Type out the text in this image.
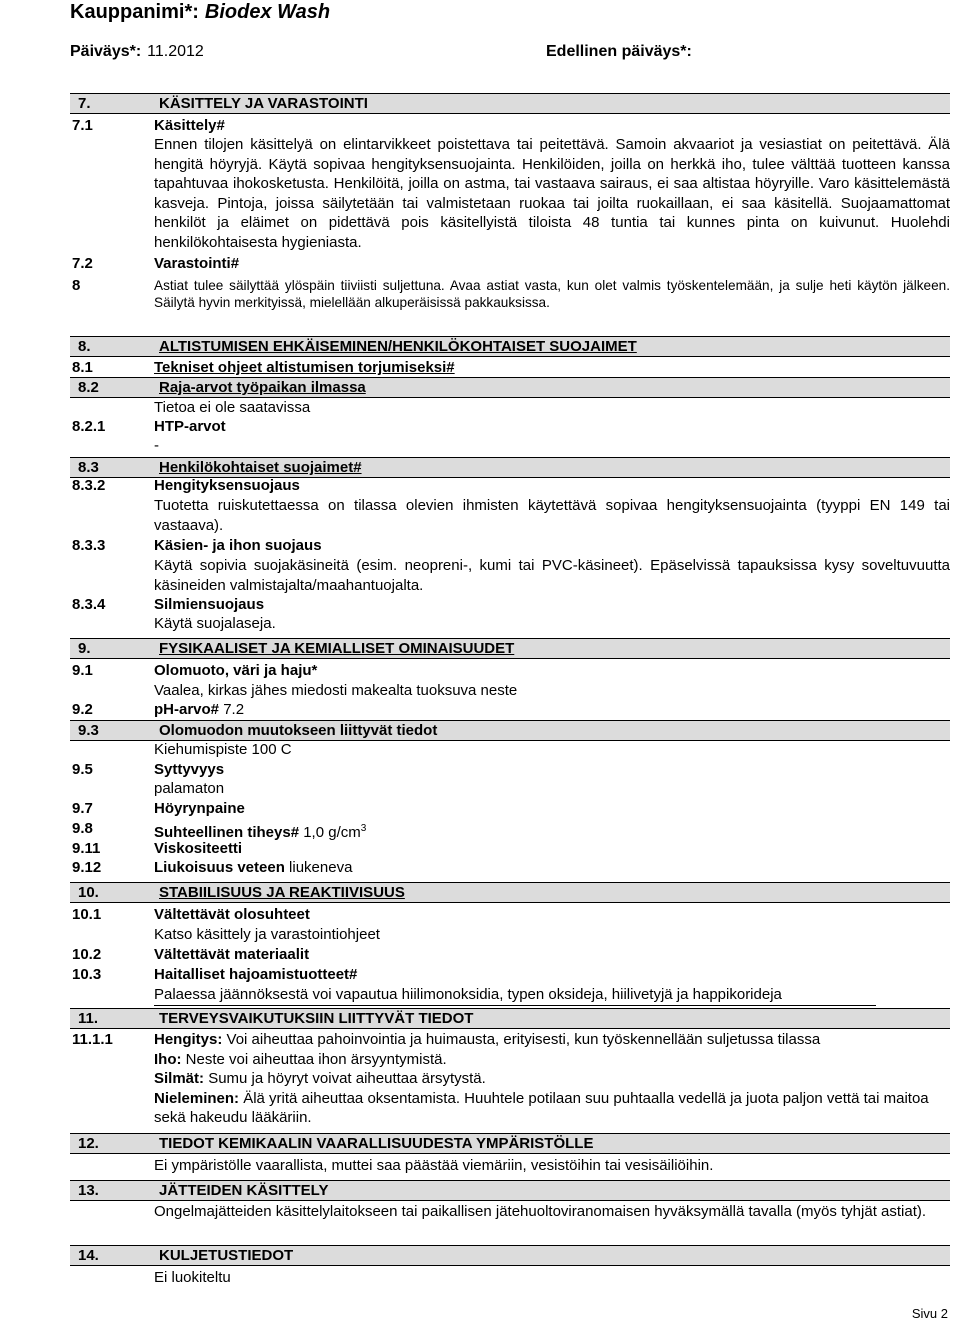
Kauppanimi*: Biodex Wash
Päiväys*: 11.2012	Edellinen päiväys*:
7.	KÄSITTELY JA VARASTOINTI
7.1	Käsittely#
Ennen tilojen käsittelyä on elintarvikkeet poistettava tai peitettävä. Samoin akvaariot ja vesiastiat on peitettävä. Älä hengitä höyryjä. Käytä sopivaa hengityksensuojainta. Henkilöiden, joilla on herkkä iho, tulee välttää tuotteen kanssa tapahtuvaa ihokosketusta. Henkilöitä, joilla on astma, tai vastaava sairaus, ei saa altistaa höyryille. Varo käsittelemästä kasveja. Pintoja, joissa säilytetään tai valmistetaan ruokaa tai joilta ruokaillaan, ei saa käsitellä. Suojaamattomat henkilöt ja eläimet on pidettävä pois käsitellyistä tiloista 48 tuntia tai kunnes pinta on kuivunut. Huolehdi henkilökohtaisesta hygieniasta.
7.2	Varastointi#
8	Astiat tulee säilyttää ylöspäin tiiviisti suljettuna. Avaa astiat vasta, kun olet valmis työskentelemään, ja sulje heti käytön jälkeen. Säilytä hyvin merkityissä, mielellään alkuperäisissä pakkauksissa.
8.	ALTISTUMISEN EHKÄISEMINEN/HENKILÖKOHTAISET SUOJAIMET
8.1	Tekniset ohjeet altistumisen torjumiseksi#
8.2	Raja-arvot työpaikan ilmassa
Tietoa ei ole saatavissa
8.2.1	HTP-arvot
-
8.3	Henkilökohtaiset suojaimet#
8.3.2	Hengityksensuojaus
Tuotetta ruiskutettaessa on tilassa olevien ihmisten käytettävä sopivaa hengityksensuojainta (tyyppi EN 149 tai vastaava).
8.3.3	Käsien- ja ihon suojaus
Käytä sopivia suojakäsineitä (esim. neopreni-, kumi tai PVC-käsineet). Epäselvissä tapauksissa kysy soveltuvuutta käsineiden valmistajalta/maahantuojalta.
8.3.4	Silmiensuojaus
Käytä suojalaseja.
9.	FYSIKAALISET JA KEMIALLISET OMINAISUUDET
9.1	Olomuoto, väri ja haju*
Vaalea, kirkas jähes miedosti makealta tuoksuva neste
9.2	pH-arvo# 7.2
9.3	Olomuodon muutokseen liittyvät tiedot
Kiehumispiste 100 C
9.5	Syttyvyys
palamaton
9.7	Höyrynpaine
9.8	Suhteellinen tiheys# 1,0 $g/cm^3$
9.11	Viskositeetti
9.12	Liukoisuus veteen liukeneva
10.	STABIILISUUS JA REAKTIIVISUUS
10.1	Vältettävät olosuhteet
Katso käsittely ja varastointiohjeet
10.2	Vältettävät materiaalit
10.3	Haitalliset hajoamistuotteet#
Palaessa jäännöksestä voi vapautua hiilimonoksidia, typen oksideja, hiilivetyjä ja happikorideja
11.	TERVEYSVAIKUTUKSIIN LIITTYVÄT TIEDOT
11.1.1	Hengitys: Voi aiheuttaa pahoinvointia ja huimausta, erityisesti, kun työskennellään suljetussa tilassa
Iho: Neste voi aiheuttaa ihon ärsyyntymistä.
Silmät: Sumu ja höyryt voivat aiheuttaa ärsytystä.
Nieleminen: Älä yritä aiheuttaa oksentamista. Huuhtele potilaan suu puhtaalla vedellä ja juota paljon vettä tai maitoa sekä hakeudu lääkäriin.
12.	TIEDOT KEMIKAALIN VAARALLISUUDESTA YMPÄRISTÖLLE
Ei ympäristölle vaarallista, muttei saa päästää viemäriin, vesistöihin tai vesisäiliöihin.
13.	JÄTTEIDEN KÄSITTELY
Ongelmajätteiden käsittelylaitokseen tai paikallisen jätehuoltoviranomaisen hyväksymällä tavalla (myös tyhjät astiat).
14.	KULJETUSTIEDOT
Ei luokiteltu
Sivu 2
